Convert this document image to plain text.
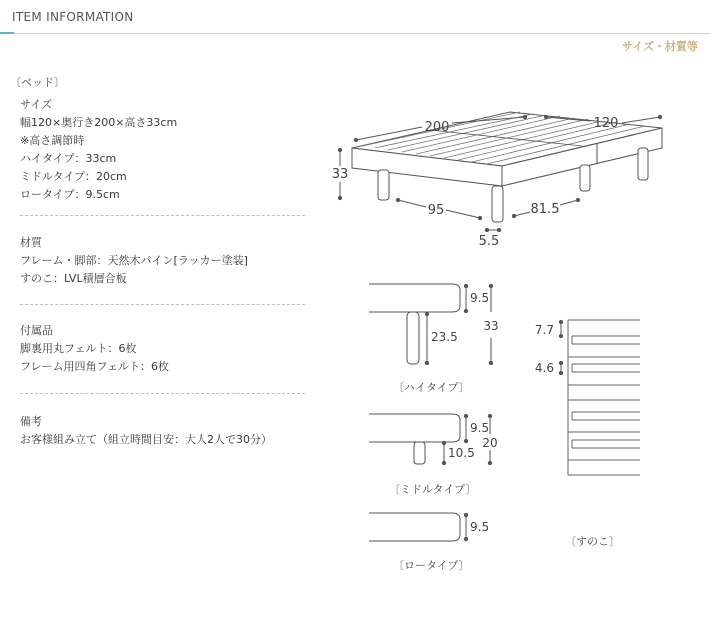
ITEM INFORMATION
サイズ・材質等
〔ベッド〕
サイズ
幅120×奥行き200×高さ33cm
※高さ調節時
ハイタイプ：33cm
ミドルタイプ：20cm
ロータイプ：9.5cm
材質
フレーム・脚部：天然木パイン[ラッカー塗装]
すのこ：LVL積層合板
付属品
脚裏用丸フェルト：6枚
フレーム用四角フェルト：6枚
備考
お客様組み立て（組立時間目安：大人2人で30分）
200	120
33
95	81.5
5.5
9.5
23.5
33
9.5
10.5
20
9.5
7.7
4.6
〔ハイタイプ〕
〔ミドルタイプ〕
〔ロータイプ〕
〔すのこ〕
